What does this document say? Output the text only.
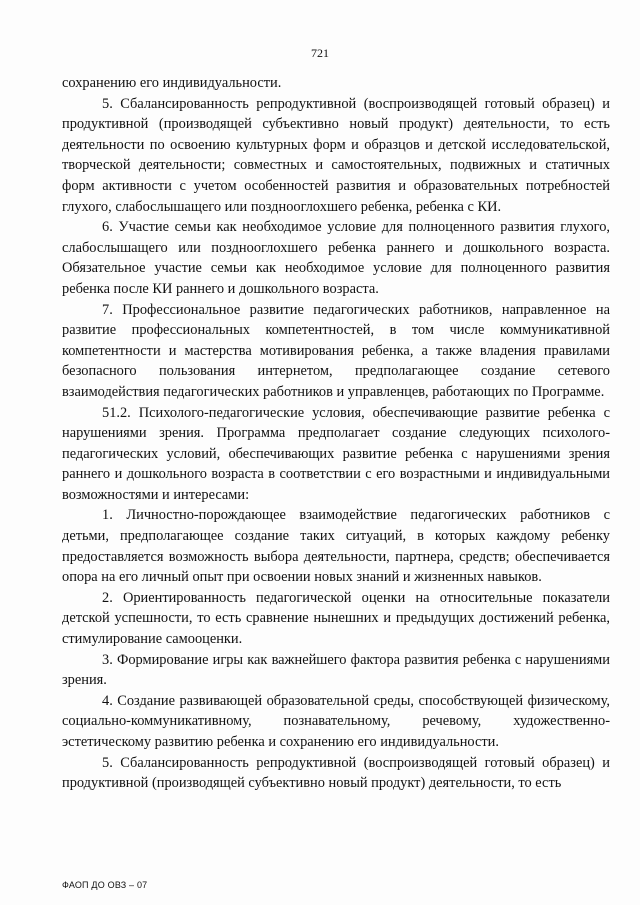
721

сохранению его индивидуальности.

5. Сбалансированность репродуктивной (воспроизводящей готовый образец) и продуктивной (производящей субъективно новый продукт) деятельности, то есть деятельности по освоению культурных форм и образцов и детской исследовательской, творческой деятельности; совместных и самостоятельных, подвижных и статичных форм активности с учетом особенностей развития и образовательных потребностей глухого, слабослышащего или позднооглохшего ребенка, ребенка с КИ.

6. Участие семьи как необходимое условие для полноценного развития глухого, слабослышащего или позднооглохшего ребенка раннего и дошкольного возраста. Обязательное участие семьи как необходимое условие для полноценного развития ребенка после КИ раннего и дошкольного возраста.

7. Профессиональное развитие педагогических работников, направленное на развитие профессиональных компетентностей, в том числе коммуникативной компетентности и мастерства мотивирования ребенка, а также владения правилами безопасного пользования интернетом, предполагающее создание сетевого взаимодействия педагогических работников и управленцев, работающих по Программе.

51.2. Психолого-педагогические условия, обеспечивающие развитие ребенка с нарушениями зрения. Программа предполагает создание следующих психолого-педагогических условий, обеспечивающих развитие ребенка с нарушениями зрения раннего и дошкольного возраста в соответствии с его возрастными и индивидуальными возможностями и интересами:

1. Личностно-порождающее взаимодействие педагогических работников с детьми, предполагающее создание таких ситуаций, в которых каждому ребенку предоставляется возможность выбора деятельности, партнера, средств; обеспечивается опора на его личный опыт при освоении новых знаний и жизненных навыков.

2. Ориентированность педагогической оценки на относительные показатели детской успешности, то есть сравнение нынешних и предыдущих достижений ребенка, стимулирование самооценки.

3. Формирование игры как важнейшего фактора развития ребенка с нарушениями зрения.

4. Создание развивающей образовательной среды, способствующей физическому, социально-коммуникативному, познавательному, речевому, художественно-эстетическому развитию ребенка и сохранению его индивидуальности.

5. Сбалансированность репродуктивной (воспроизводящей готовый образец) и продуктивной (производящей субъективно новый продукт) деятельности, то есть

ФАОП ДО ОВЗ – 07
